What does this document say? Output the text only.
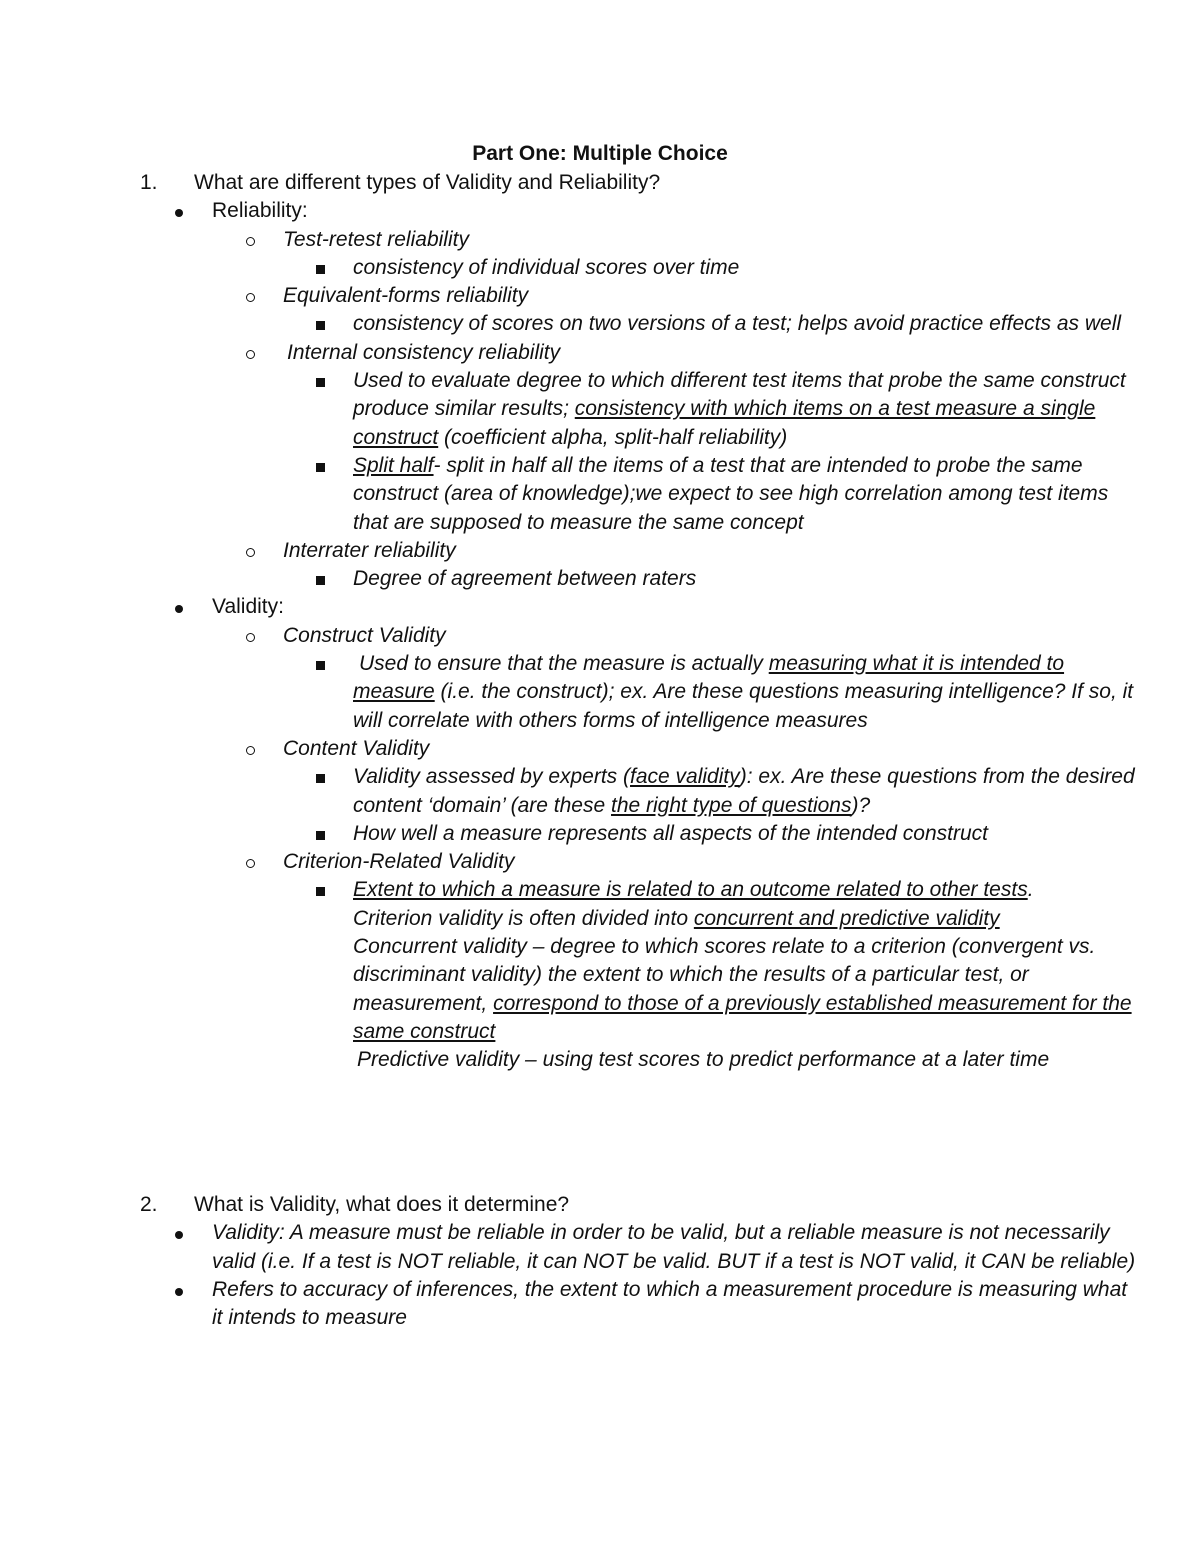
Part One: Multiple Choice
1. What are different types of Validity and Reliability?
Reliability:
Test-retest reliability
consistency of individual scores over time
Equivalent-forms reliability
consistency of scores on two versions of a test; helps avoid practice effects as well
Internal consistency reliability
Used to evaluate degree to which different test items that probe the same construct produce similar results; consistency with which items on a test measure a single construct (coefficient alpha, split-half reliability)
Split half- split in half all the items of a test that are intended to probe the same construct (area of knowledge);we expect to see high correlation among test items that are supposed to measure the same concept
Interrater reliability
Degree of agreement between raters
Validity:
Construct Validity
Used to ensure that the measure is actually measuring what it is intended to measure (i.e. the construct); ex. Are these questions measuring intelligence? If so, it will correlate with others forms of intelligence measures
Content Validity
Validity assessed by experts (face validity): ex. Are these questions from the desired content ‘domain’ (are these the right type of questions)?
How well a measure represents all aspects of the intended construct
Criterion-Related Validity
Extent to which a measure is related to an outcome related to other tests.
Criterion validity is often divided into concurrent and predictive validity
Concurrent validity – degree to which scores relate to a criterion (convergent vs. discriminant validity) the extent to which the results of a particular test, or measurement, correspond to those of a previously established measurement for the same construct
Predictive validity – using test scores to predict performance at a later time
2. What is Validity, what does it determine?
Validity: A measure must be reliable in order to be valid, but a reliable measure is not necessarily valid (i.e. If a test is NOT reliable, it can NOT be valid. BUT if a test is NOT valid, it CAN be reliable)
Refers to accuracy of inferences, the extent to which a measurement procedure is measuring what it intends to measure
